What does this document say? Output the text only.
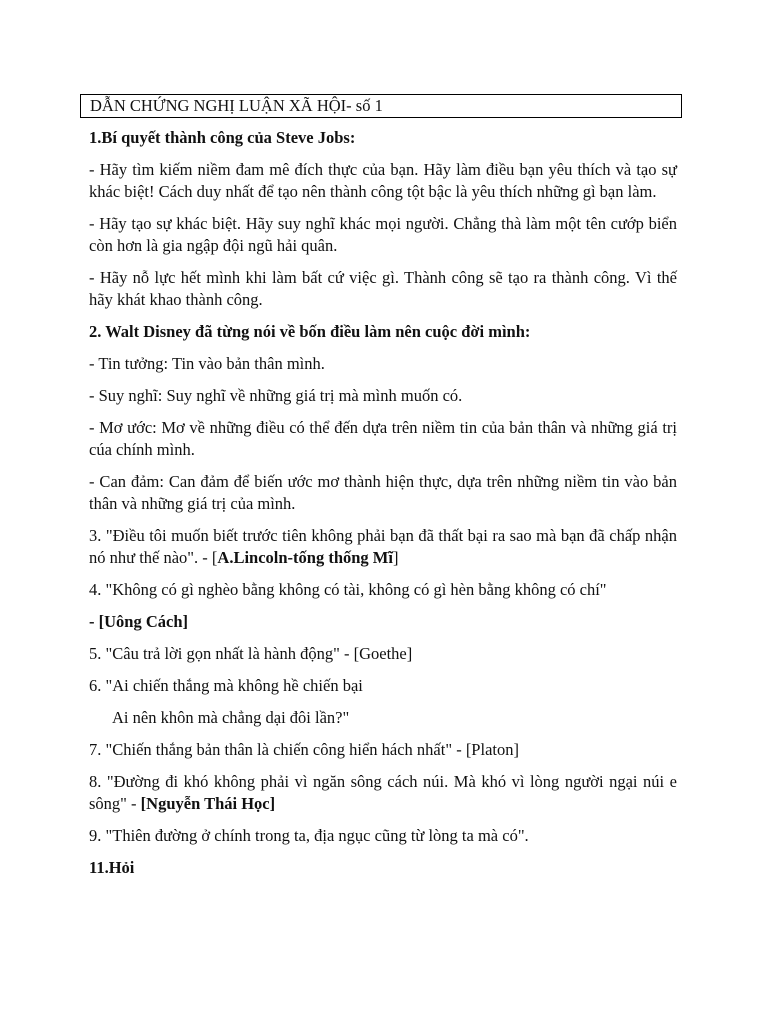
DẪN CHỨNG NGHỊ LUẬN XÃ HỘI- số 1

1.Bí quyết thành công của Steve Jobs:

- Hãy tìm kiếm niềm đam mê đích thực của bạn. Hãy làm điều bạn yêu thích và tạo sự khác biệt! Cách duy nhất để tạo nên thành công tột bậc là yêu thích những gì bạn làm.

- Hãy tạo sự khác biệt. Hãy suy nghĩ khác mọi người. Chẳng thà làm một tên cướp biển còn hơn là gia ngập đội ngũ hải quân.

- Hãy nỗ lực hết mình khi làm bất cứ việc gì. Thành công sẽ tạo ra thành công. Vì thế hãy khát khao thành công.

2. Walt Disney đã từng nói về bốn điều làm nên cuộc đời mình:

- Tin tưởng: Tin vào bản thân mình.

- Suy nghĩ: Suy nghĩ về những giá trị mà mình muốn có.

- Mơ ước: Mơ về những điều có thể đến dựa trên niềm tin của bản thân và những giá trị cúa chính mình.

- Can đảm: Can đảm để biến ước mơ thành hiện thực, dựa trên những niềm tin vào bản thân và những giá trị của mình.

3. "Điều tôi muốn biết trước tiên không phải bạn đã thất bại ra sao mà bạn đã chấp nhận nó như thế nào". - [A.Lincoln-tống thống Mĩ]

4. "Không có gì nghèo bằng không có tài, không có gì hèn bằng không có chí"

- [Uông Cách]

5. "Câu trả lời gọn nhất là hành động" - [Goethe]

6. "Ai chiến thắng mà không hề chiến bại

Ai nên khôn mà chẳng dại đôi lần?"

7. "Chiến thắng bản thân là chiến công hiển hách nhất" - [Platon]

8. "Đường đi khó không phải vì ngăn sông cách núi. Mà khó vì lòng người ngại núi e sông" - [Nguyễn Thái Học]

9. "Thiên đường ở chính trong ta, địa ngục cũng từ lòng ta mà có".

11.Hỏi
